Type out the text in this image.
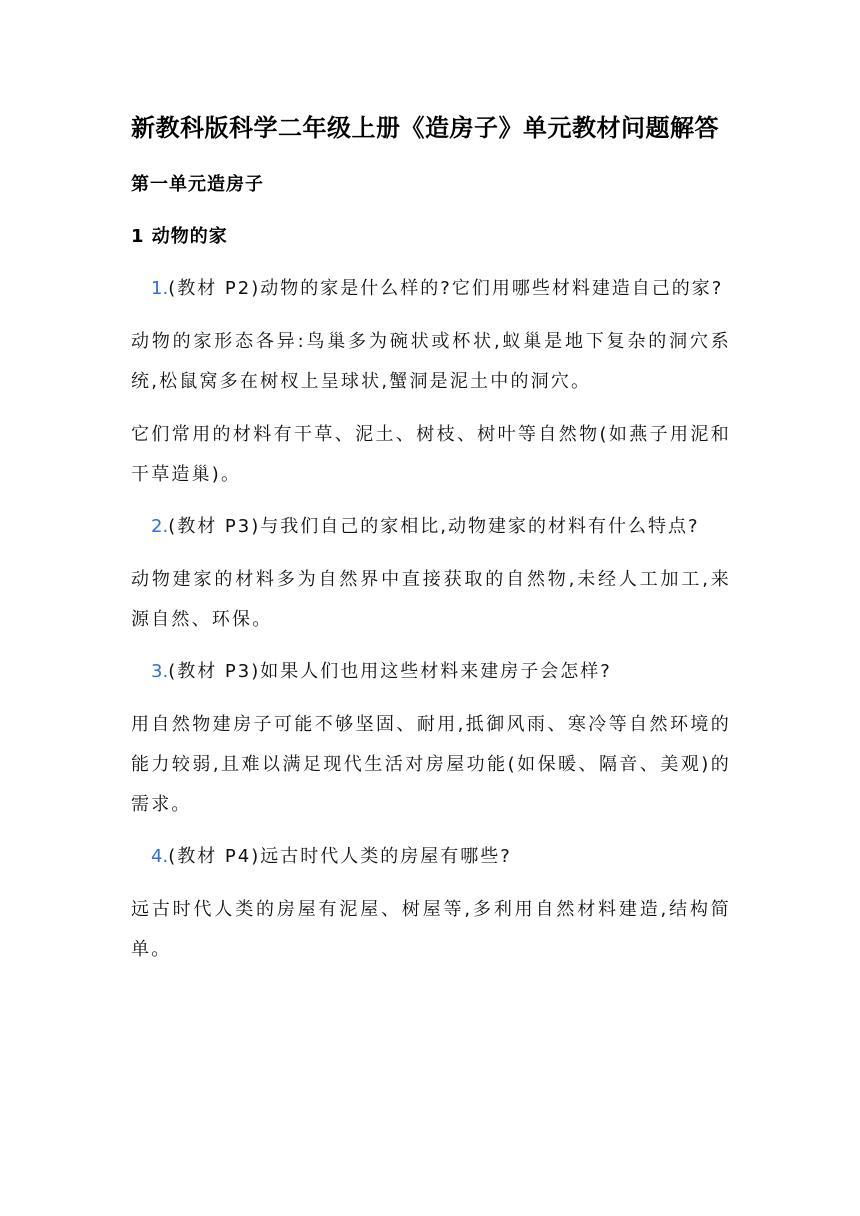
新教科版科学二年级上册《造房子》单元教材问题解答
第一单元造房子
1 动物的家
1.(教材 P2)动物的家是什么样的?它们用哪些材料建造自己的家?

动物的家形态各异:鸟巢多为碗状或杯状,蚁巢是地下复杂的洞穴系统,松鼠窝多在树杈上呈球状,蟹洞是泥土中的洞穴。

它们常用的材料有干草、泥土、树枝、树叶等自然物(如燕子用泥和干草造巢)。

2.(教材 P3)与我们自己的家相比,动物建家的材料有什么特点?

动物建家的材料多为自然界中直接获取的自然物,未经人工加工,来源自然、环保。

3.(教材 P3)如果人们也用这些材料来建房子会怎样?

用自然物建房子可能不够坚固、耐用,抵御风雨、寒冷等自然环境的能力较弱,且难以满足现代生活对房屋功能(如保暖、隔音、美观)的需求。

4.(教材 P4)远古时代人类的房屋有哪些?

远古时代人类的房屋有泥屋、树屋等,多利用自然材料建造,结构简单。
